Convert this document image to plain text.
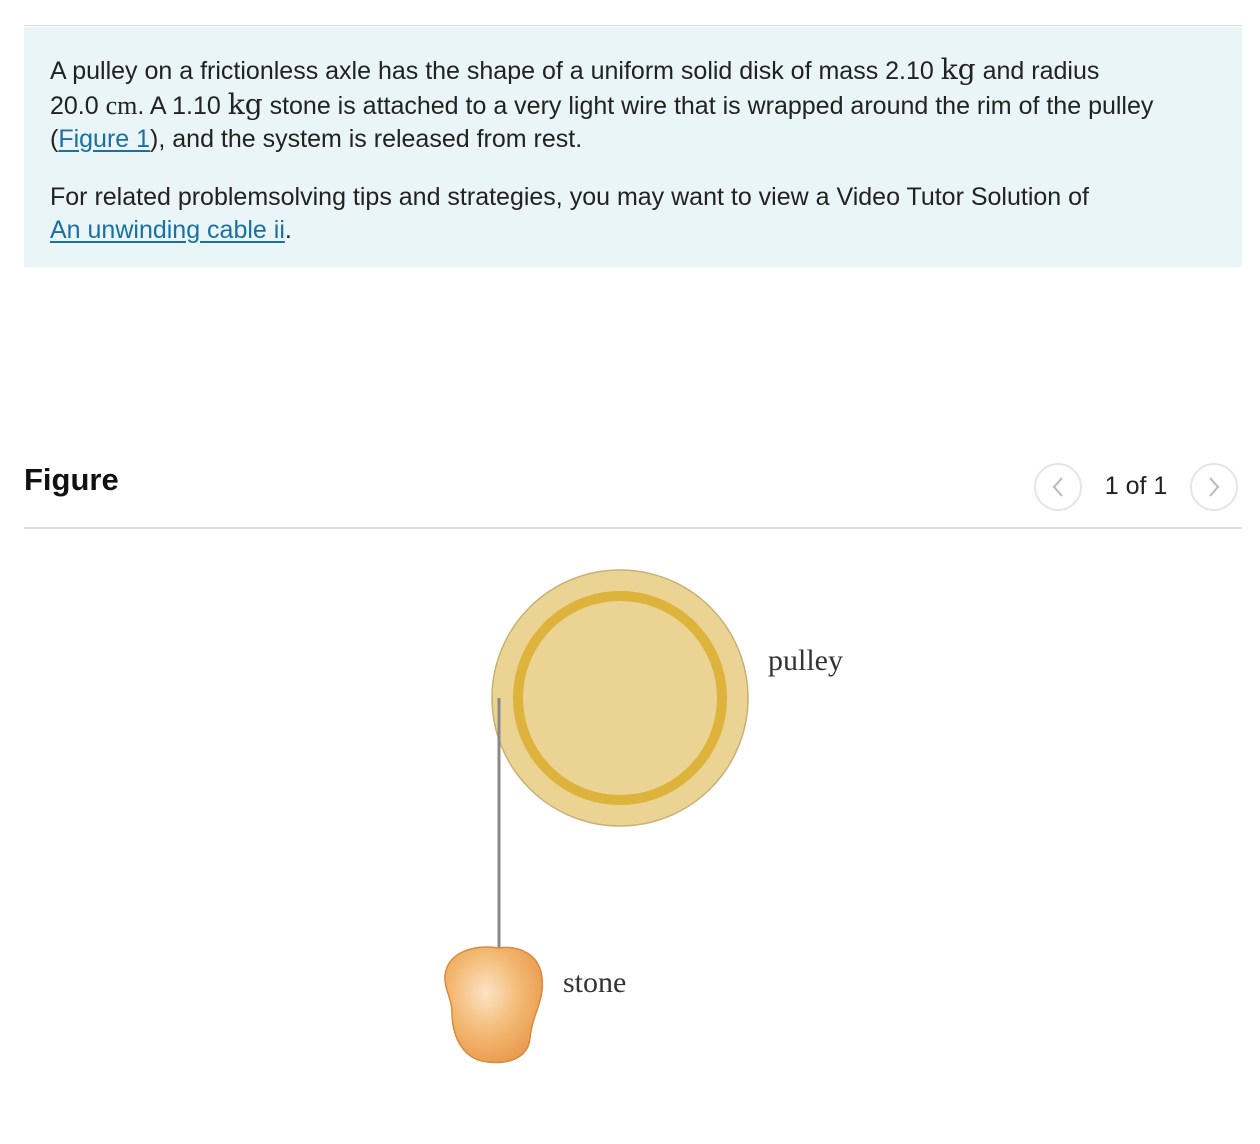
A pulley on a frictionless axle has the shape of a uniform solid disk of mass 2.10 kg and radius
20.0 cm. A 1.10 kg stone is attached to a very light wire that is wrapped around the rim of the pulley
(Figure 1), and the system is released from rest.

For related problemsolving tips and strategies, you may want to view a Video Tutor Solution of
An unwinding cable ii.

Figure	1 of 1
pulley
stone
